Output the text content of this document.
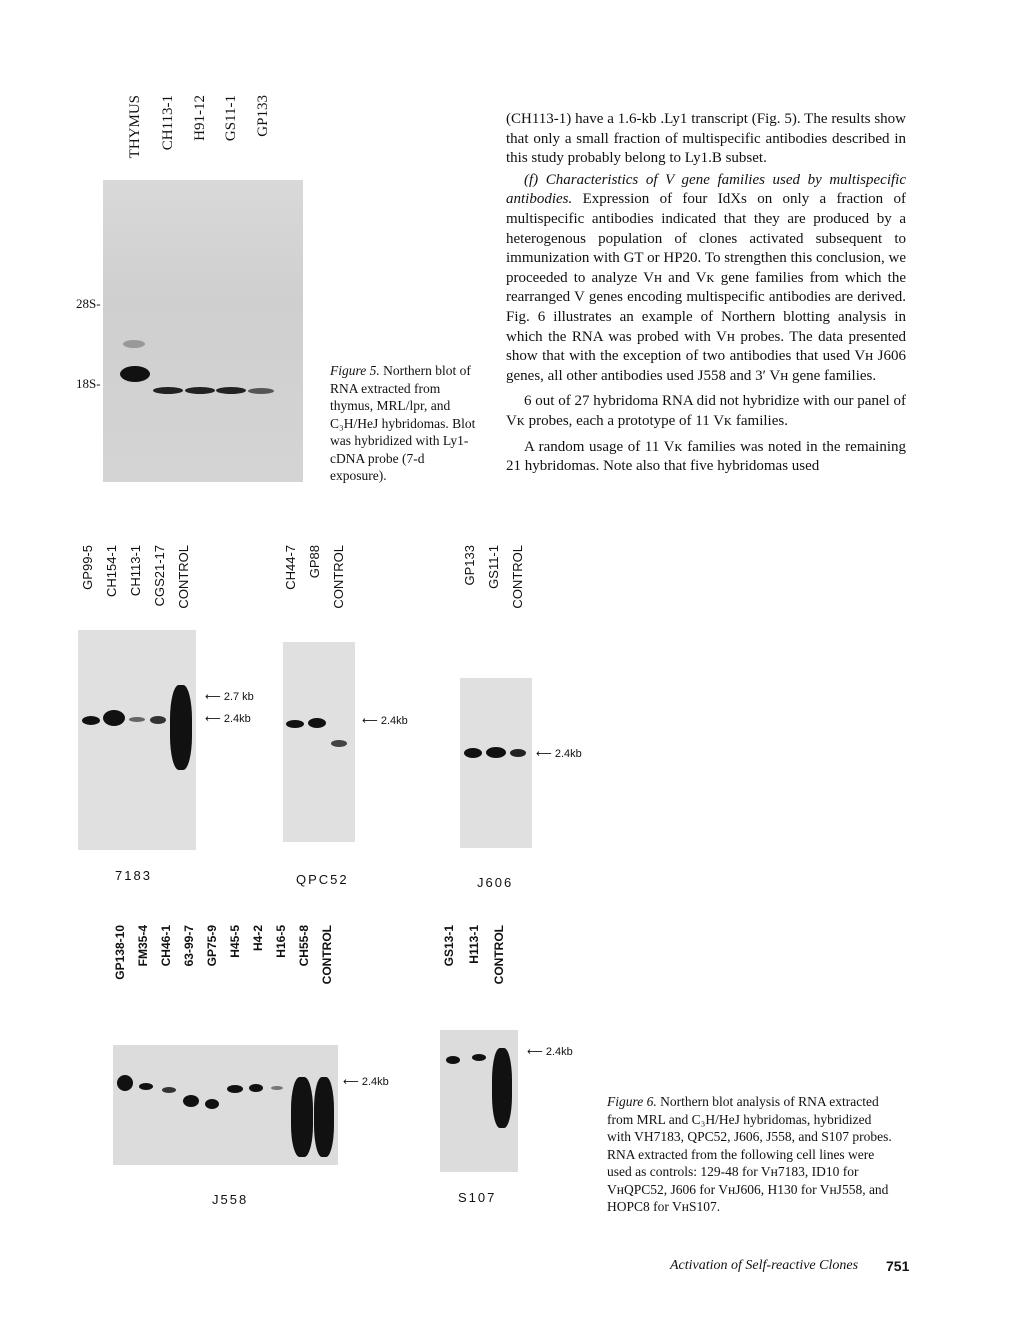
THYMUS CH113-1 H91-12 GS11-1 GP133
28S-
18S-
Figure 5. Northern blot of RNA extracted from thymus, MRL/lpr, and C₃H/HeJ hybridomas. Blot was hybridized with Ly1-cDNA probe (7-d exposure).

(CH113-1) have a 1.6-kb .Ly1 transcript (Fig. 5). The results show that only a small fraction of multispecific antibodies described in this study probably belong to Ly1.B subset.

(f) Characteristics of V gene families used by multispecific antibodies. Expression of four IdXs on only a fraction of multispecific antibodies indicated that they are produced by a heterogenous population of clones activated subsequent to immunization with GT or HP20. To strengthen this conclusion, we proceeded to analyze Vʜ and Vᴋ gene families from which the rearranged V genes encoding multispecific antibodies are derived. Fig. 6 illustrates an example of Northern blotting analysis in which the RNA was probed with Vʜ probes. The data presented show that with the exception of two antibodies that used Vʜ J606 genes, all other antibodies used J558 and 3′ Vʜ gene families.

6 out of 27 hybridoma RNA did not hybridize with our panel of Vᴋ probes, each a prototype of 11 Vᴋ families.

A random usage of 11 Vᴋ families was noted in the remaining 21 hybridomas. Note also that five hybridomas used

GP99-5 CH154-1 CH113-1 CGS21-17 CONTROL
⟵ 2.7 kb
⟵ 2.4kb
7183
CH44-7 GP88 CONTROL
⟵ 2.4kb
QPC52
GP133 GS11-1 CONTROL
⟵ 2.4kb
J606
GP138-10 FM35-4 CH46-1 63-99-7 GP75-9 H45-5 H4-2 H16-5 CH55-8 CONTROL
⟵ 2.4kb
J558
GS13-1 H113-1 CONTROL
⟵ 2.4kb
S107
Figure 6. Northern blot analysis of RNA extracted from MRL and C₃H/HeJ hybridomas, hybridized with VH7183, QPC52, J606, J558, and S107 probes. RNA extracted from the following cell lines were used as controls: 129-48 for Vʜ7183, ID10 for VʜQPC52, J606 for VʜJ606, H130 for VʜJ558, and HOPC8 for VʜS107.
Activation of Self-reactive Clones 751
